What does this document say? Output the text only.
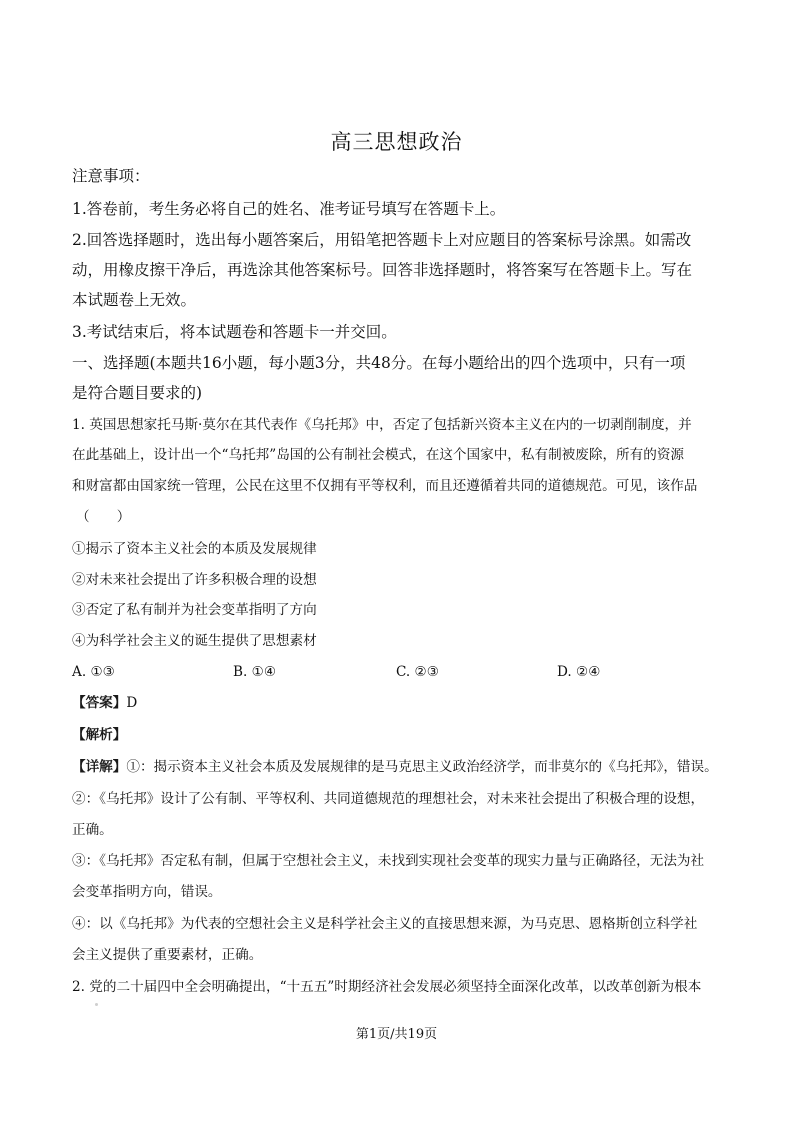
高三思想政治
注意事项：
1.答卷前，考生务必将自己的姓名、准考证号填写在答题卡上。
2.回答选择题时，选出每小题答案后，用铅笔把答题卡上对应题目的答案标号涂黑。如需改
动，用橡皮擦干净后，再选涂其他答案标号。回答非选择题时，将答案写在答题卡上。写在
本试题卷上无效。
3.考试结束后，将本试题卷和答题卡一并交回。
一、选择题(本题共16小题，每小题3分，共48分。在每小题给出的四个选项中，只有一项
是符合题目要求的)
1. 英国思想家托马斯·莫尔在其代表作《乌托邦》中，否定了包括新兴资本主义在内的一切剥削制度，并
在此基础上，设计出一个“乌托邦”岛国的公有制社会模式，在这个国家中，私有制被废除，所有的资源
和财富都由国家统一管理，公民在这里不仅拥有平等权利，而且还遵循着共同的道德规范。可见，该作品
（　　）
①揭示了资本主义社会的本质及发展规律
②对未来社会提出了许多积极合理的设想
③否定了私有制并为社会变革指明了方向
④为科学社会主义的诞生提供了思想素材
A. ①③	B. ①④	C. ②③	D. ②④
【答案】D
【解析】
【详解】①：揭示资本主义社会本质及发展规律的是马克思主义政治经济学，而非莫尔的《乌托邦》，错误。
②：《乌托邦》设计了公有制、平等权利、共同道德规范的理想社会，对未来社会提出了积极合理的设想，
正确。
③：《乌托邦》否定私有制，但属于空想社会主义，未找到实现社会变革的现实力量与正确路径，无法为社
会变革指明方向，错误。
④：以《乌托邦》为代表的空想社会主义是科学社会主义的直接思想来源，为马克思、恩格斯创立科学社
会主义提供了重要素材，正确。
2. 党的二十届四中全会明确提出，“十五五”时期经济社会发展必须坚持全面深化改革，以改革创新为根本
第1页/共19页
